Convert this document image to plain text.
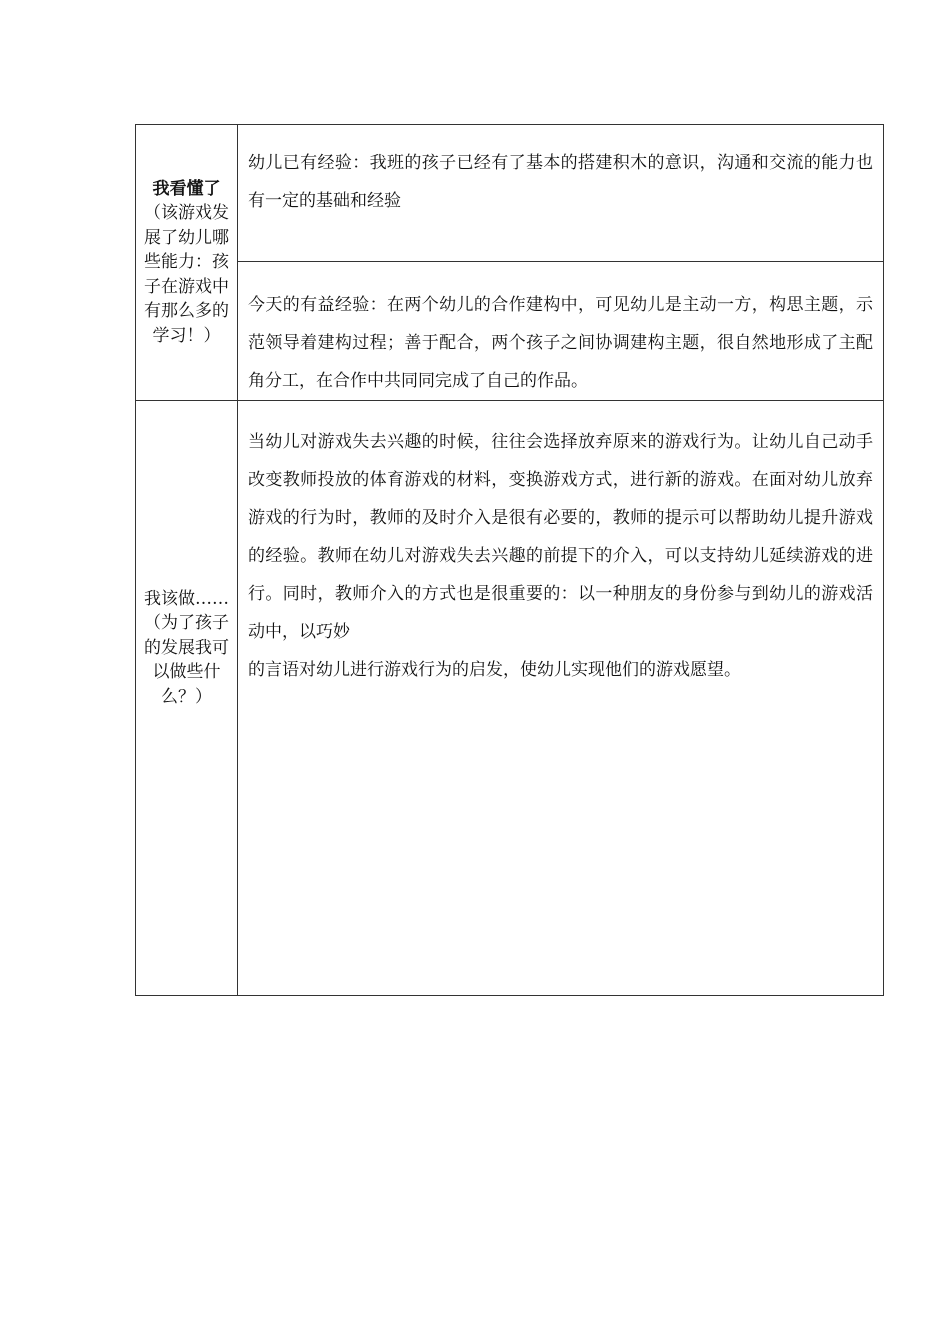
我看懂了
（该游戏发展了幼儿哪些能力：孩子在游戏中有那么多的学习！）	幼儿已有经验：我班的孩子已经有了基本的搭建积木的意识，沟通和交流的能力也有一定的基础和经验

	今天的有益经验：在两个幼儿的合作建构中，可见幼儿是主动一方，构思主题，示范领导着建构过程；善于配合，两个孩子之间协调建构主题，很自然地形成了主配角分工，在合作中共同同完成了自己的作品。

我该做……（为了孩子的发展我可以做些什么？）	当幼儿对游戏失去兴趣的时候，往往会选择放弃原来的游戏行为。让幼儿自己动手改变教师投放的体育游戏的材料，变换游戏方式，进行新的游戏。在面对幼儿放弃游戏的行为时，教师的及时介入是很有必要的，教师的提示可以帮助幼儿提升游戏的经验。教师在幼儿对游戏失去兴趣的前提下的介入，可以支持幼儿延续游戏的进行。同时，教师介入的方式也是很重要的：以一种朋友的身份参与到幼儿的游戏活动中，以巧妙
的言语对幼儿进行游戏行为的启发，使幼儿实现他们的游戏愿望。
